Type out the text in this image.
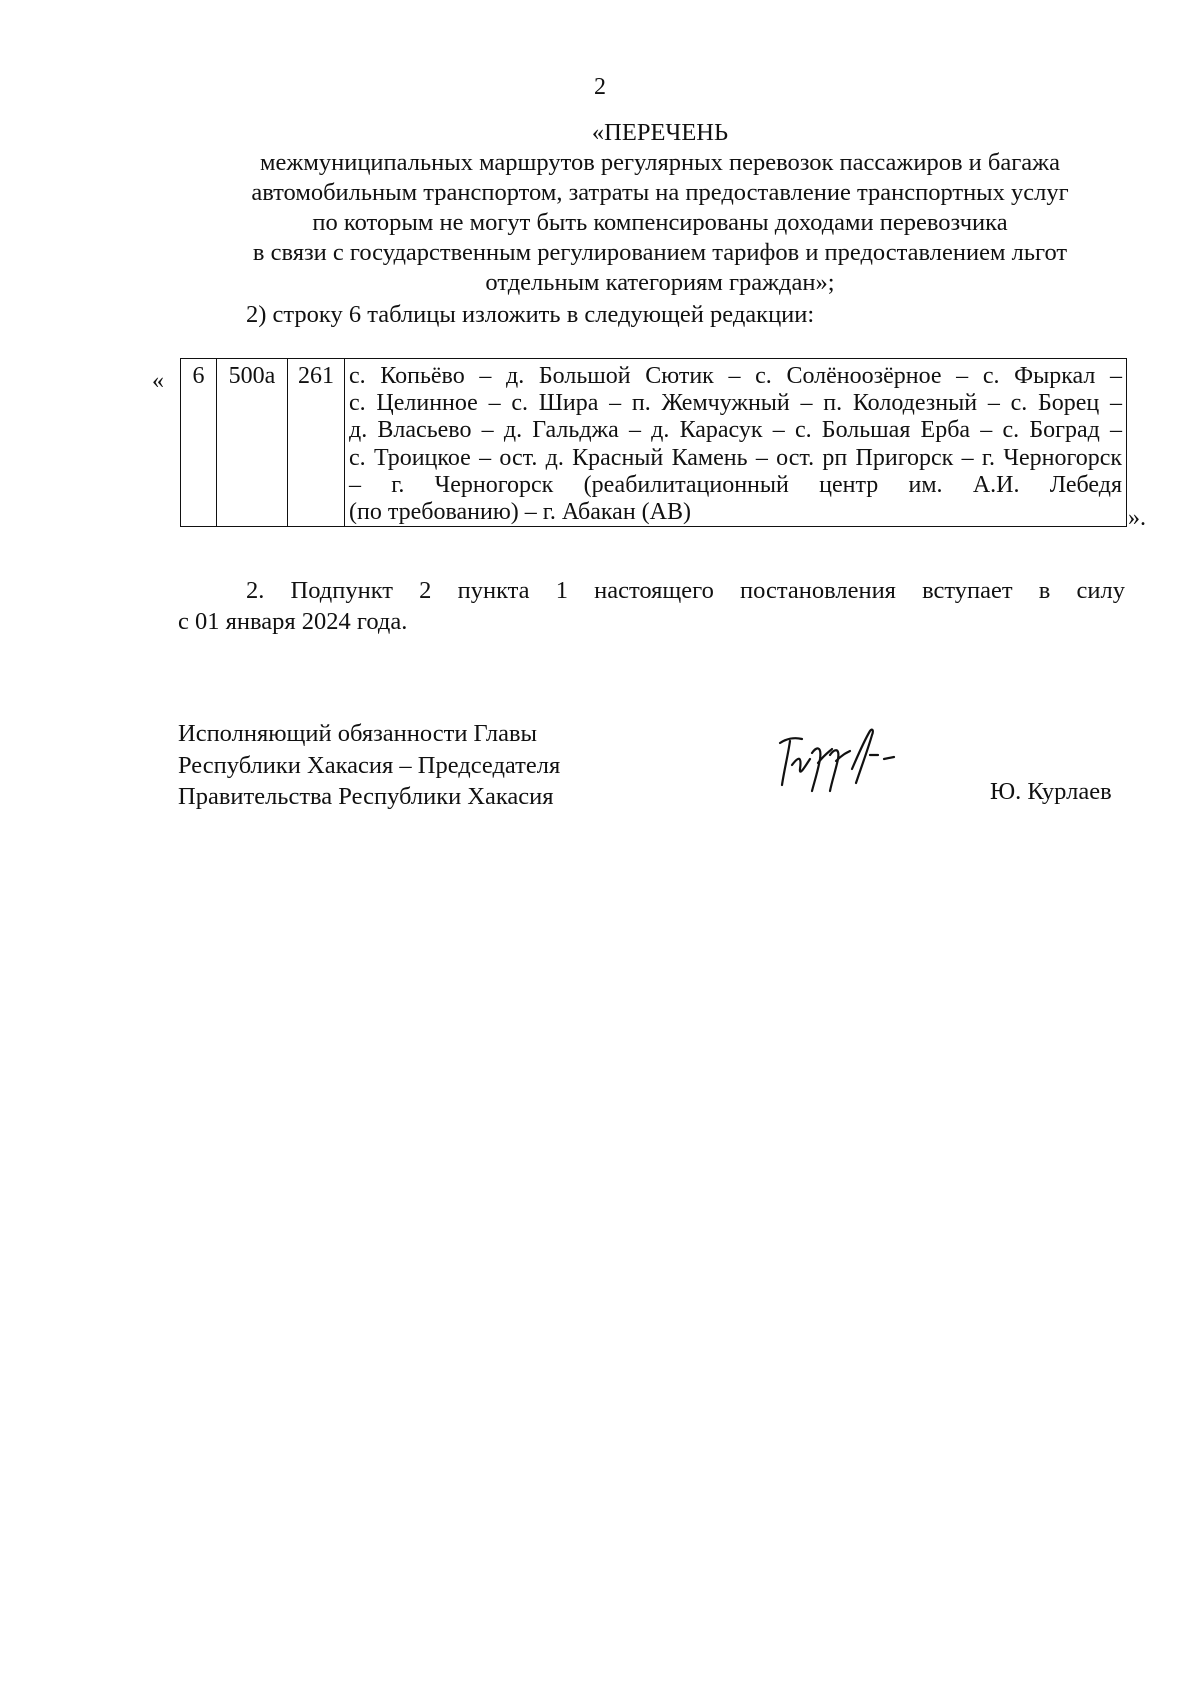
2
«ПЕРЕЧЕНЬ
межмуниципальных маршрутов регулярных перевозок пассажиров и багажа
автомобильным транспортом, затраты на предоставление транспортных услуг
по которым не могут быть компенсированы доходами перевозчика
в связи с государственным регулированием тарифов и предоставлением льгот
отдельным категориям граждан»;
2) строку 6 таблицы изложить в следующей редакции:
« 6	500а	261	с. Копьёво – д. Большой Сютик – с. Солёноозёрное – с. Фыркал –
с. Целинное – с. Шира – п. Жемчужный – п. Колодезный – с. Борец –
д. Власьево – д. Гальджа – д. Карасук – с. Большая Ерба – с. Боград –
с. Троицкое – ост. д. Красный Камень – ост. рп Пригорск – г. Черногорск
– г. Черногорск (реабилитационный центр им. А.И. Лебедя
(по требованию) – г. Абакан (АВ)	».
2. Подпункт 2 пункта 1 настоящего постановления вступает в силу
с 01 января 2024 года.
Исполняющий обязанности Главы
Республики Хакасия – Председателя
Правительства Республики Хакасия	Ю. Курлаев
